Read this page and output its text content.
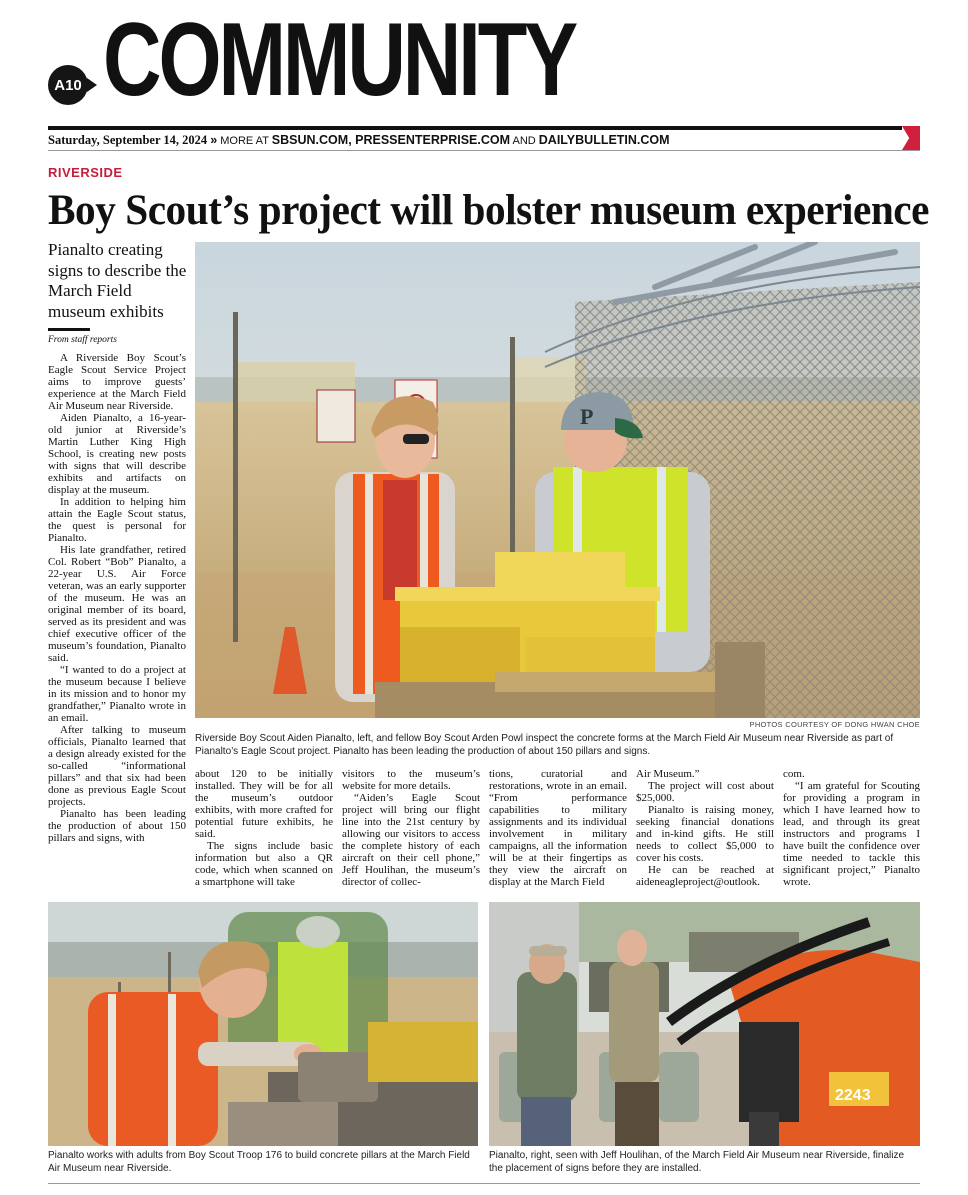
A10 COMMUNITY
Saturday, September 14, 2024 » MORE AT SBSUN.COM, PRESSENTERPRISE.COM AND DAILYBULLETIN.COM
RIVERSIDE
Boy Scout’s project will bolster museum experience
Pianalto creating signs to describe the March Field museum exhibits
From staff reports

A Riverside Boy Scout’s Eagle Scout Service Project aims to improve guests’ experience at the March Field Air Museum near Riverside.

Aiden Pianalto, a 16-year-old junior at Riverside’s Martin Luther King High School, is creating new posts with signs that will describe exhibits and artifacts on display at the museum.

In addition to helping him attain the Eagle Scout status, the quest is personal for Pianalto.

His late grandfather, retired Col. Robert “Bob” Pianalto, a 22-year U.S. Air Force veteran, was an early supporter of the museum. He was an original member of its board, served as its president and was chief executive officer of the museum’s foundation, Pianalto said.

“I wanted to do a project at the museum because I believe in its mission and to honor my grandfather,” Pianalto wrote in an email.

After talking to museum officials, Pianalto learned that a design already existed for the so-called “informational pillars” and that six had been done as previous Eagle Scout projects.

Pianalto has been leading the production of about 150 pillars and signs, with

P
PHOTOS COURTESY OF DONG HWAN CHOE
Riverside Boy Scout Aiden Pianalto, left, and fellow Boy Scout Arden Powl inspect the concrete forms at the March Field Air Museum near Riverside as part of Pianalto’s Eagle Scout project. Pianalto has been leading the production of about 150 pillars and signs.

about 120 to be initially installed. They will be for all the museum’s outdoor exhibits, with more crafted for potential future exhibits, he said.

The signs include basic information but also a QR code, which when scanned on a smartphone will take

visitors to the museum’s website for more details.

“Aiden’s Eagle Scout project will bring our flight line into the 21st century by allowing our visitors to access the complete history of each aircraft on their cell phone,” Jeff Houlihan, the museum’s director of collec-

tions, curatorial and restorations, wrote in an email. “From performance capabilities to military assignments and its individual involvement in military campaigns, all the information will be at their fingertips as they view the aircraft on display at the March Field

Air Museum.”

The project will cost about $25,000.

Pianalto is raising money, seeking financial donations and in-kind gifts. He still needs to collect $5,000 to cover his costs.

He can be reached at aideneagleproject@outlook.

com.

“I am grateful for Scouting for providing a program in which I have learned how to lead, and through its great instructors and programs I have built the confidence over time needed to tackle this significant project,” Pianalto wrote.

Pianalto works with adults from Boy Scout Troop 176 to build concrete pillars at the March Field Air Museum near Riverside.
2243
Pianalto, right, seen with Jeff Houlihan, of the March Field Air Museum near Riverside, finalize the placement of signs before they are installed.
